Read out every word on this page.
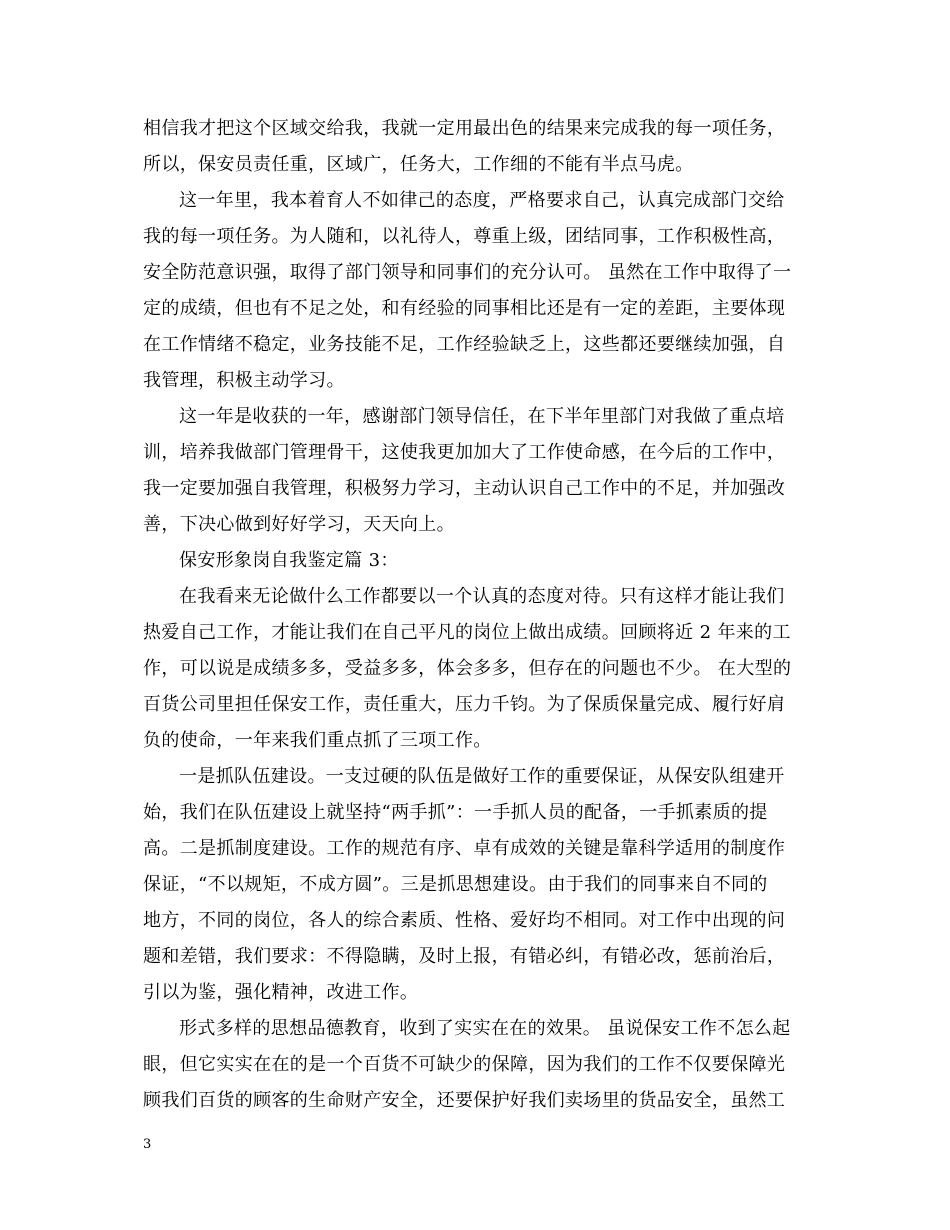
相信我才把这个区域交给我，我就一定用最出色的结果来完成我的每一项任务，
所以，保安员责任重，区域广，任务大，工作细的不能有半点马虎。
这一年里，我本着育人不如律己的态度，严格要求自己，认真完成部门交给
我的每一项任务。为人随和，以礼待人，尊重上级，团结同事，工作积极性高，
安全防范意识强，取得了部门领导和同事们的充分认可。 虽然在工作中取得了一
定的成绩，但也有不足之处，和有经验的同事相比还是有一定的差距，主要体现
在工作情绪不稳定，业务技能不足，工作经验缺乏上，这些都还要继续加强，自
我管理，积极主动学习。
这一年是收获的一年，感谢部门领导信任，在下半年里部门对我做了重点培
训，培养我做部门管理骨干，这使我更加加大了工作使命感，在今后的工作中，
我一定要加强自我管理，积极努力学习，主动认识自己工作中的不足，并加强改
善，下决心做到好好学习，天天向上。
保安形象岗自我鉴定篇 3：
在我看来无论做什么工作都要以一个认真的态度对待。只有这样才能让我们
热爱自己工作，才能让我们在自己平凡的岗位上做出成绩。回顾将近 2 年来的工
作，可以说是成绩多多，受益多多，体会多多，但存在的问题也不少。 在大型的
百货公司里担任保安工作，责任重大，压力千钧。为了保质保量完成、履行好肩
负的使命，一年来我们重点抓了三项工作。
一是抓队伍建设。一支过硬的队伍是做好工作的重要保证，从保安队组建开
始，我们在队伍建设上就坚持“两手抓”：一手抓人员的配备，一手抓素质的提
高。二是抓制度建设。工作的规范有序、卓有成效的关键是靠科学适用的制度作
保证，“不以规矩，不成方圆”。三是抓思想建设。由于我们的同事来自不同的
地方，不同的岗位，各人的综合素质、性格、爱好均不相同。对工作中出现的问
题和差错，我们要求：不得隐瞒，及时上报，有错必纠，有错必改，惩前治后，
引以为鉴，强化精神，改进工作。
形式多样的思想品德教育，收到了实实在在的效果。 虽说保安工作不怎么起
眼，但它实实在在的是一个百货不可缺少的保障，因为我们的工作不仅要保障光
顾我们百货的顾客的生命财产安全，还要保护好我们卖场里的货品安全，虽然工
3
